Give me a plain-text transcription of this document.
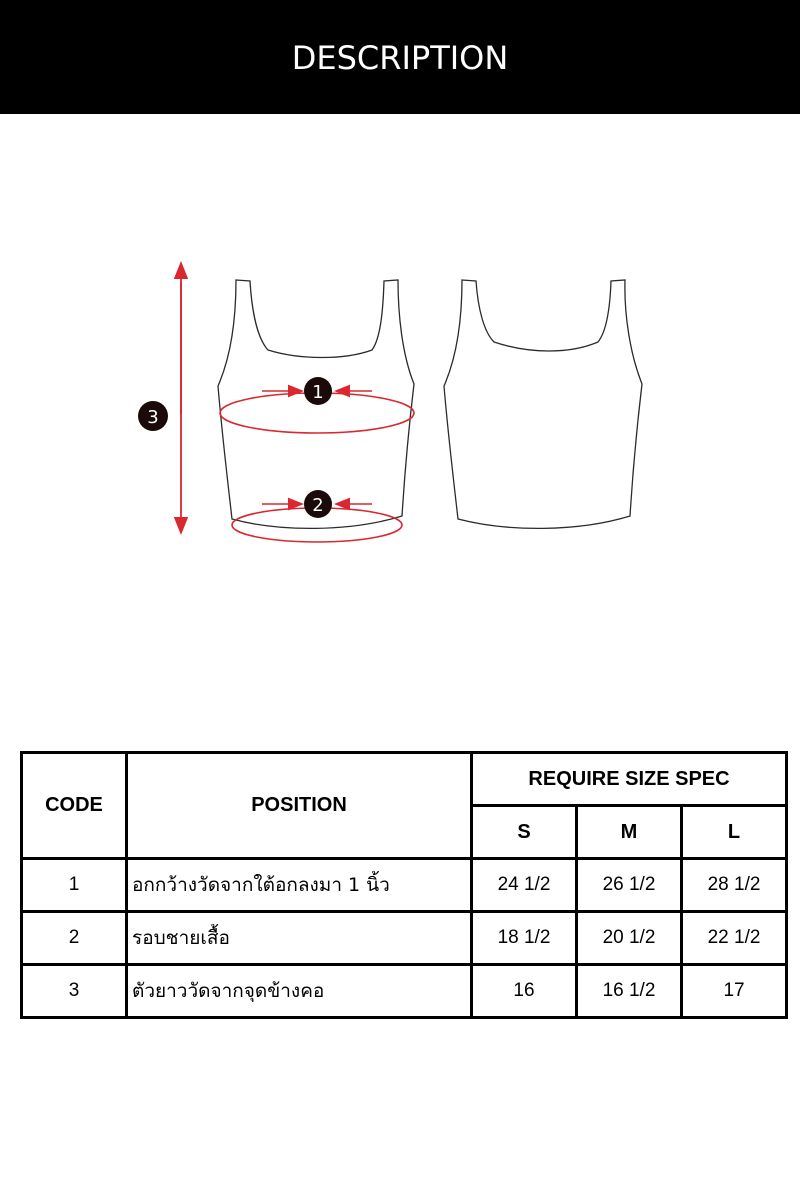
DESCRIPTION
1
2
3
CODE	POSITION	REQUIRE SIZE SPEC		
		S	M	L
1	อกกว้างวัดจากใต้อกลงมา 1 นิ้ว	24 1/2	26 1/2	28 1/2
2	รอบชายเสื้อ	18 1/2	20 1/2	22 1/2
3	ตัวยาววัดจากจุดข้างคอ	16	16 1/2	17
